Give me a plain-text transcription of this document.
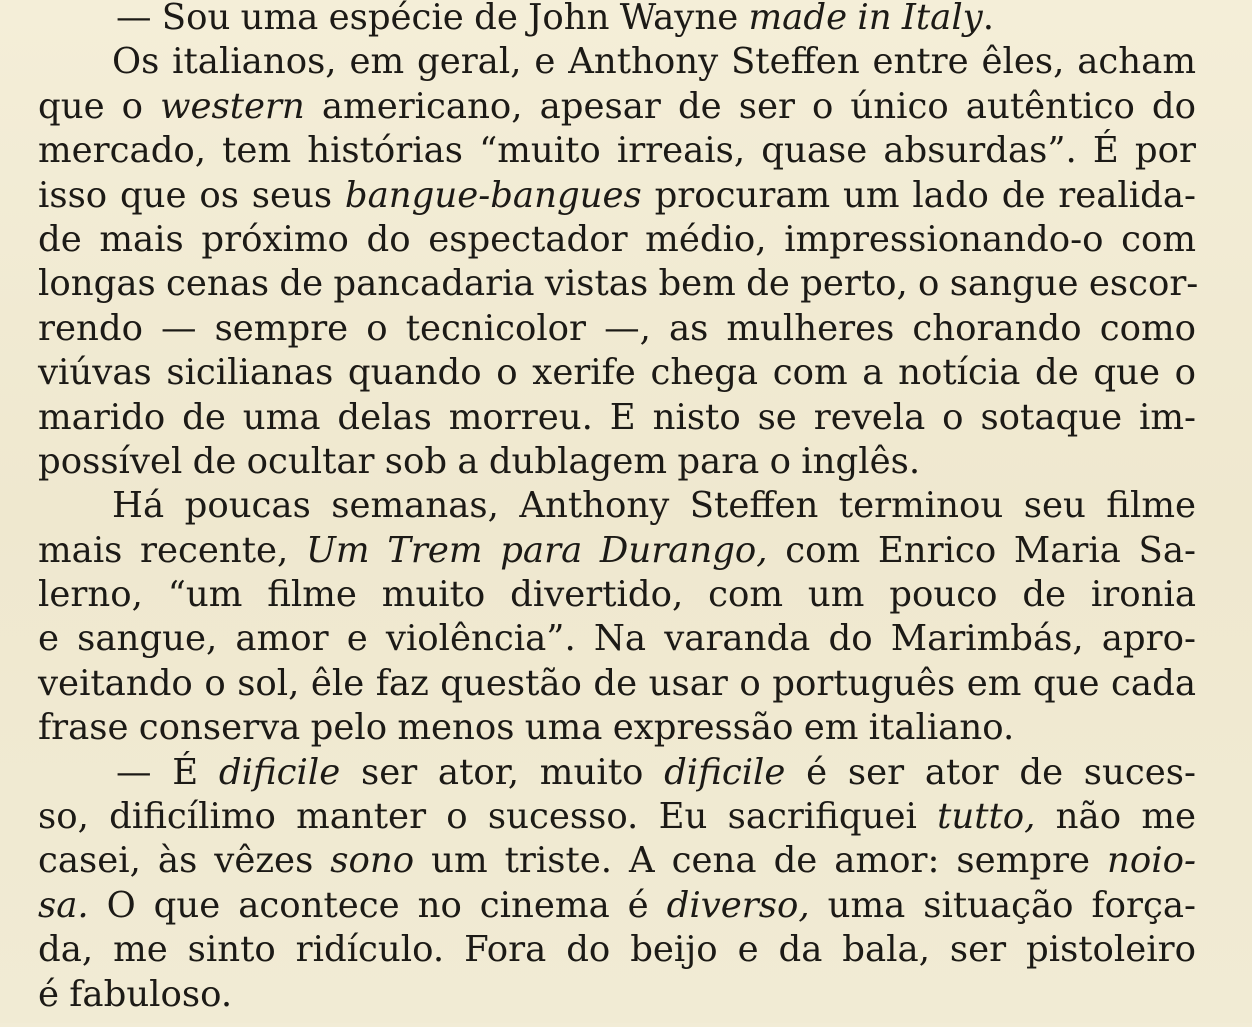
— Sou uma espécie de John Wayne made in Italy.
Os italianos, em geral, e Anthony Steffen entre êles, acham
que o western americano, apesar de ser o único autêntico do
mercado, tem histórias “muito irreais, quase absurdas”. É por
isso que os seus bangue-bangues procuram um lado de realida-
de mais próximo do espectador médio, impressionando-o com
longas cenas de pancadaria vistas bem de perto, o sangue escor-
rendo — sempre o tecnicolor —, as mulheres chorando como
viúvas sicilianas quando o xerife chega com a notícia de que o
marido de uma delas morreu. E nisto se revela o sotaque im-
possível de ocultar sob a dublagem para o inglês.
Há poucas semanas, Anthony Steffen terminou seu filme
mais recente, Um Trem para Durango, com Enrico Maria Sa-
lerno, “um filme muito divertido, com um pouco de ironia
e sangue, amor e violência”. Na varanda do Marimbás, apro-
veitando o sol, êle faz questão de usar o português em que cada
frase conserva pelo menos uma expressão em italiano.
— É dificile ser ator, muito dificile é ser ator de suces-
so, dificílimo manter o sucesso. Eu sacrifiquei tutto, não me
casei, às vêzes sono um triste. A cena de amor: sempre noio-
sa. O que acontece no cinema é diverso, uma situação força-
da, me sinto ridículo. Fora do beijo e da bala, ser pistoleiro
é fabuloso.
